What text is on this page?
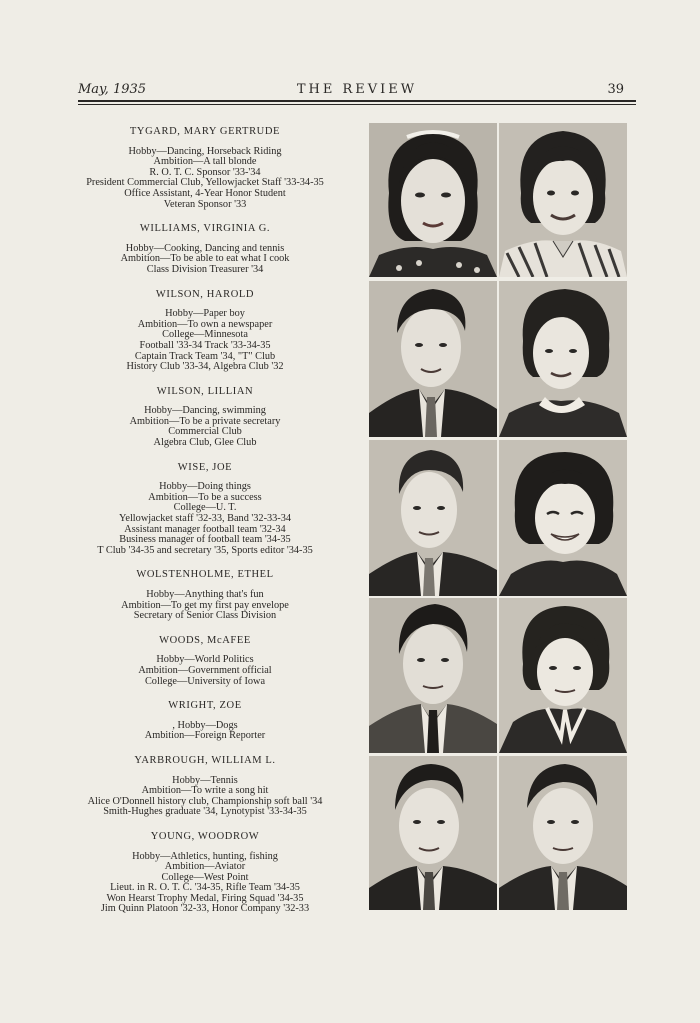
May, 1935	THE REVIEW	39
TYGARD, MARY GERTRUDE
Hobby—Dancing, Horseback Riding
Ambition—A tall blonde
R. O. T. C. Sponsor '33-'34
President Commercial Club, Yellowjacket Staff '33-34-35
Office Assistant, 4-Year Honor Student
Veteran Sponsor '33
WILLIAMS, VIRGINIA G.
Hobby—Cooking, Dancing and tennis
Ambition—To be able to eat what I cook
Class Division Treasurer '34
WILSON, HAROLD
Hobby—Paper boy
Ambition—To own a newspaper
College—Minnesota
Football '33-34 Track '33-34-35
Captain Track Team '34, "T" Club
History Club '33-34, Algebra Club '32
WILSON, LILLIAN
Hobby—Dancing, swimming
Ambition—To be a private secretary
Commercial Club
Algebra Club, Glee Club
WISE, JOE
Hobby—Doing things
Ambition—To be a success
College—U. T.
Yellowjacket staff '32-33, Band '32-33-34
Assistant manager football team '32-34
Business manager of football team '34-35
T Club '34-35 and secretary '35, Sports editor '34-35
WOLSTENHOLME, ETHEL
Hobby—Anything that's fun
Ambition—To get my first pay envelope
Secretary of Senior Class Division
WOODS, McAFEE
Hobby—World Politics
Ambition—Government official
College—University of Iowa
WRIGHT, ZOE
, Hobby—Dogs
Ambition—Foreign Reporter
YARBROUGH, WILLIAM L.
Hobby—Tennis
Ambition—To write a song hit
Alice O'Donnell history club, Championship soft ball '34
Smith-Hughes graduate '34, Lynotypist '33-34-35
YOUNG, WOODROW
Hobby—Athletics, hunting, fishing
Ambition—Aviator
College—West Point
Lieut. in R. O. T. C. '34-35, Rifle Team '34-35
Won Hearst Trophy Medal, Firing Squad '34-35
Jim Quinn Platoon '32-33, Honor Company '32-33
